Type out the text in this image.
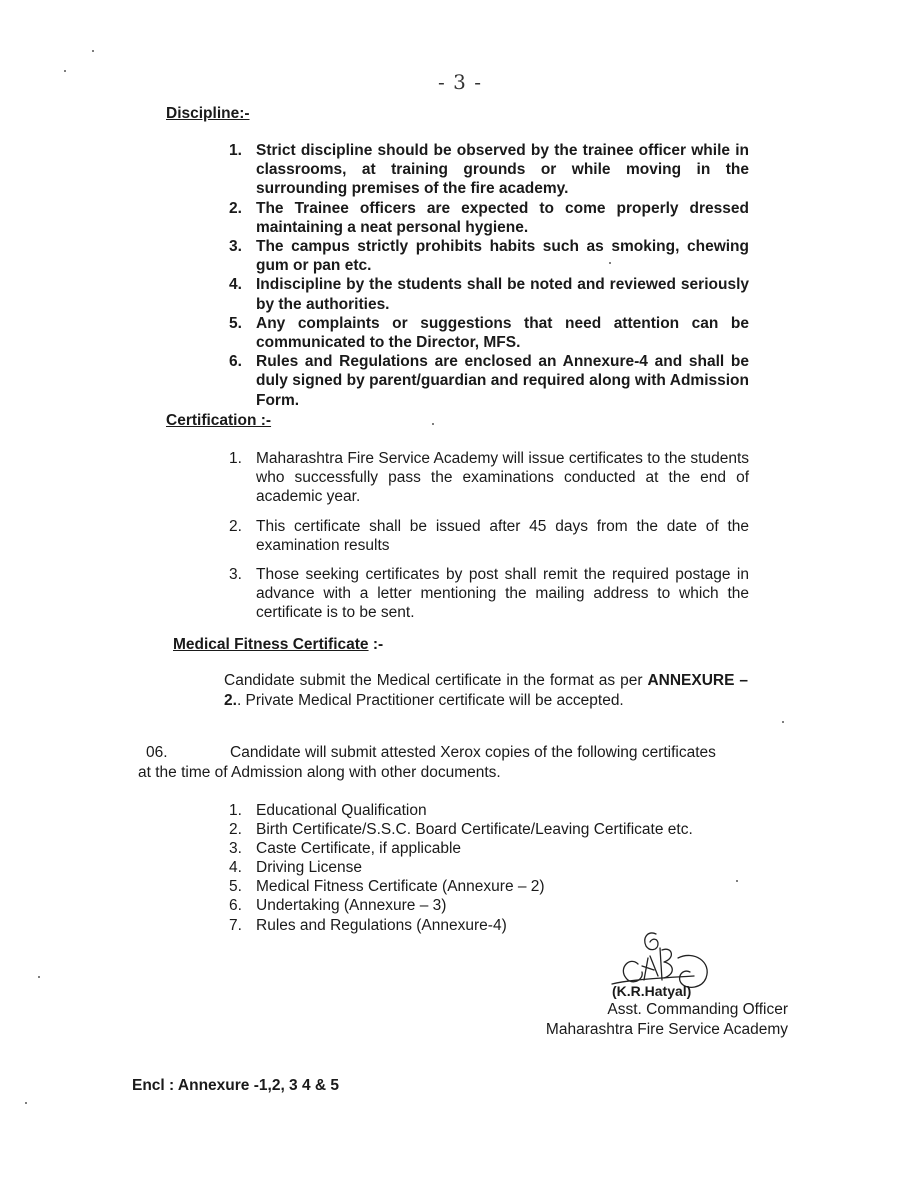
- 3 -
Discipline:-
1. Strict discipline should be observed by the trainee officer while in classrooms, at training grounds or while moving in the surrounding premises of the fire academy.
2. The Trainee officers are expected to come properly dressed maintaining a neat personal hygiene.
3. The campus strictly prohibits habits such as smoking, chewing gum or pan etc.
4. Indiscipline by the students shall be noted and reviewed seriously by the authorities.
5. Any complaints or suggestions that need attention can be communicated to the Director, MFS.
6. Rules and Regulations are enclosed an Annexure-4 and shall be duly signed by parent/guardian and required along with Admission Form.
Certification :-
1. Maharashtra Fire Service Academy will issue certificates to the students who successfully pass the examinations conducted at the end of academic year.
2. This certificate shall be issued after 45 days from the date of the examination results
3. Those seeking certificates by post shall remit the required postage in advance with a letter mentioning the mailing address to which the certificate is to be sent.
Medical Fitness Certificate :-
Candidate submit the Medical certificate in the format as per ANNEXURE – 2.. Private Medical Practitioner certificate will be accepted.
06.	Candidate will submit attested Xerox copies of the following certificates
at the time of Admission along with other documents.
1. Educational Qualification
2. Birth Certificate/S.S.C. Board Certificate/Leaving Certificate etc.
3. Caste Certificate, if applicable
4. Driving License
5. Medical Fitness Certificate (Annexure – 2)
6. Undertaking (Annexure – 3)
7. Rules and Regulations (Annexure-4)
(K.R.Hatyal)
Asst. Commanding Officer
Maharashtra Fire Service Academy
Encl : Annexure -1,2, 3 4 & 5
